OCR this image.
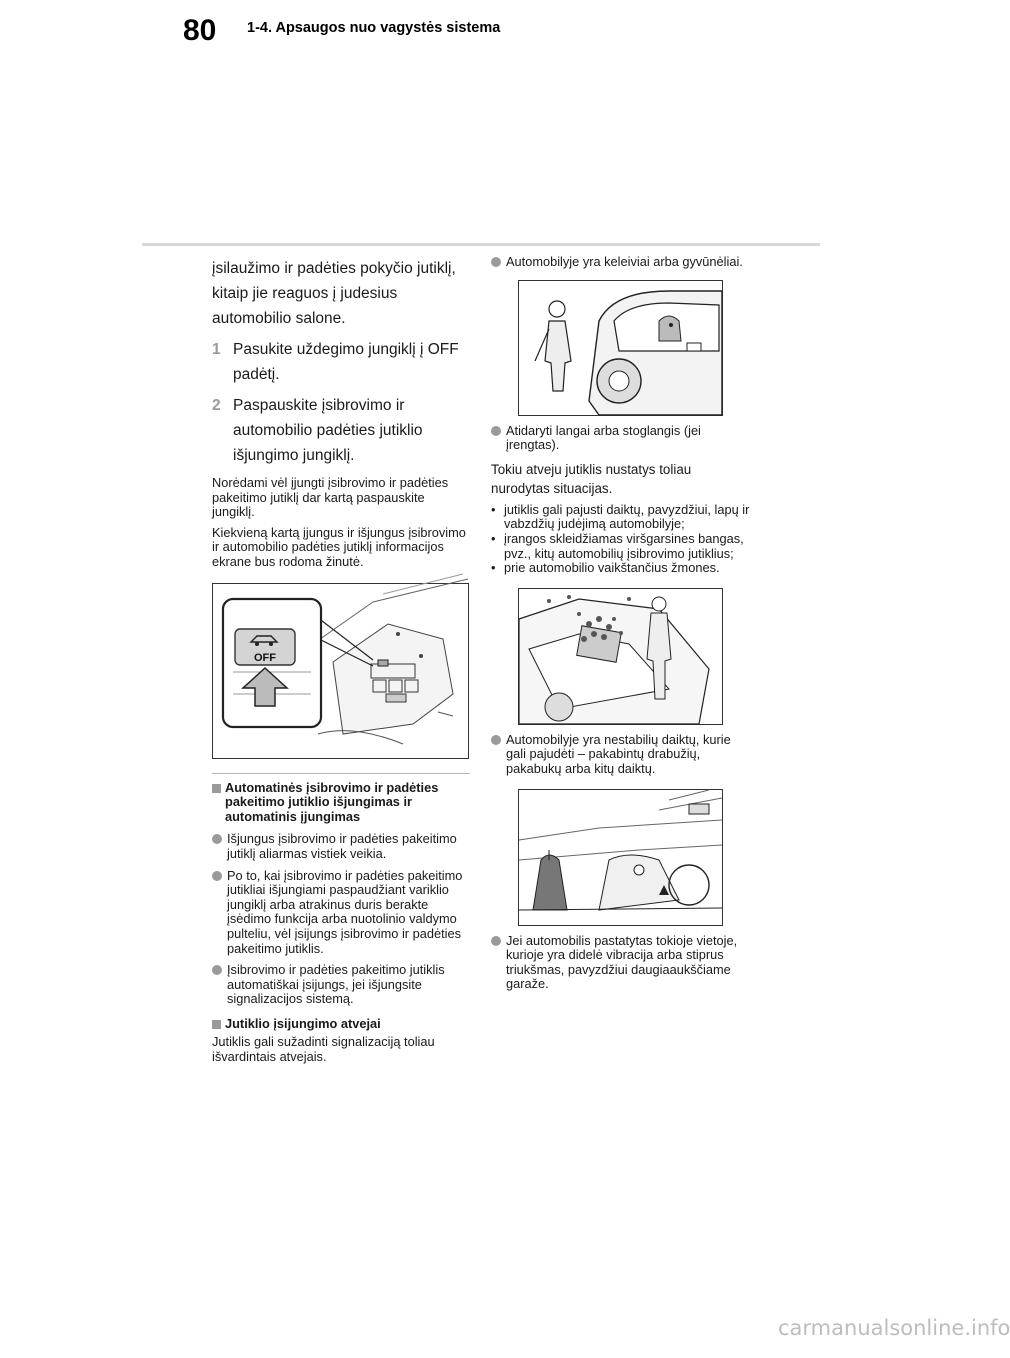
80 1-4. Apsaugos nuo vagystės sistema

įsilaužimo ir padėties pokyčio jutiklį, kitaip jie reaguos į judesius automobilio salone.

1 Pasukite uždegimo jungiklį į OFF padėtį.
2 Paspauskite įsibrovimo ir automobilio padėties jutiklio išjungimo jungiklį.

Norėdami vėl įjungti įsibrovimo ir padėties pakeitimo jutiklį dar kartą paspauskite jungiklį.

Kiekvieną kartą įjungus ir išjungus įsibrovimo ir automobilio padėties jutiklį informacijos ekrane bus rodoma žinutė.

OFF
Automatinės įsibrovimo ir padėties pakeitimo jutiklio išjungimas ir automatinis įjungimas
Išjungus įsibrovimo ir padėties pakeitimo jutiklį aliarmas vistiek veikia.
Po to, kai įsibrovimo ir padėties pakeitimo jutikliai išjungiami paspaudžiant variklio jungiklį arba atrakinus duris berakte įsėdimo funkcija arba nuotolinio valdymo pulteliu, vėl įsijungs įsibrovimo ir padėties pakeitimo jutiklis.
Įsibrovimo ir padėties pakeitimo jutiklis automatiškai įsijungs, jei išjungsite signalizacijos sistemą.
Jutiklio įsijungimo atvejai

Jutiklis gali sužadinti signalizaciją toliau išvardintais atvejais.

Automobilyje yra keleiviai arba gyvūnėliai.
Atidaryti langai arba stoglangis (jei įrengtas).

Tokiu atveju jutiklis nustatys toliau nurodytas situacijas.

• jutiklis gali pajusti daiktų, pavyzdžiui, lapų ir vabzdžių judėjimą automobilyje;
• įrangos skleidžiamas viršgarsines bangas, pvz., kitų automobilių įsibrovimo jutiklius;
• prie automobilio vaikštančius žmones.
Automobilyje yra nestabilių daiktų, kurie gali pajudėti – pakabintų drabužių, pakabukų arba kitų daiktų.
Jei automobilis pastatytas tokioje vietoje, kurioje yra didelė vibracija arba stiprus triukšmas, pavyzdžiui daugiaaukščiame garaže.
carmanualsonline.info
